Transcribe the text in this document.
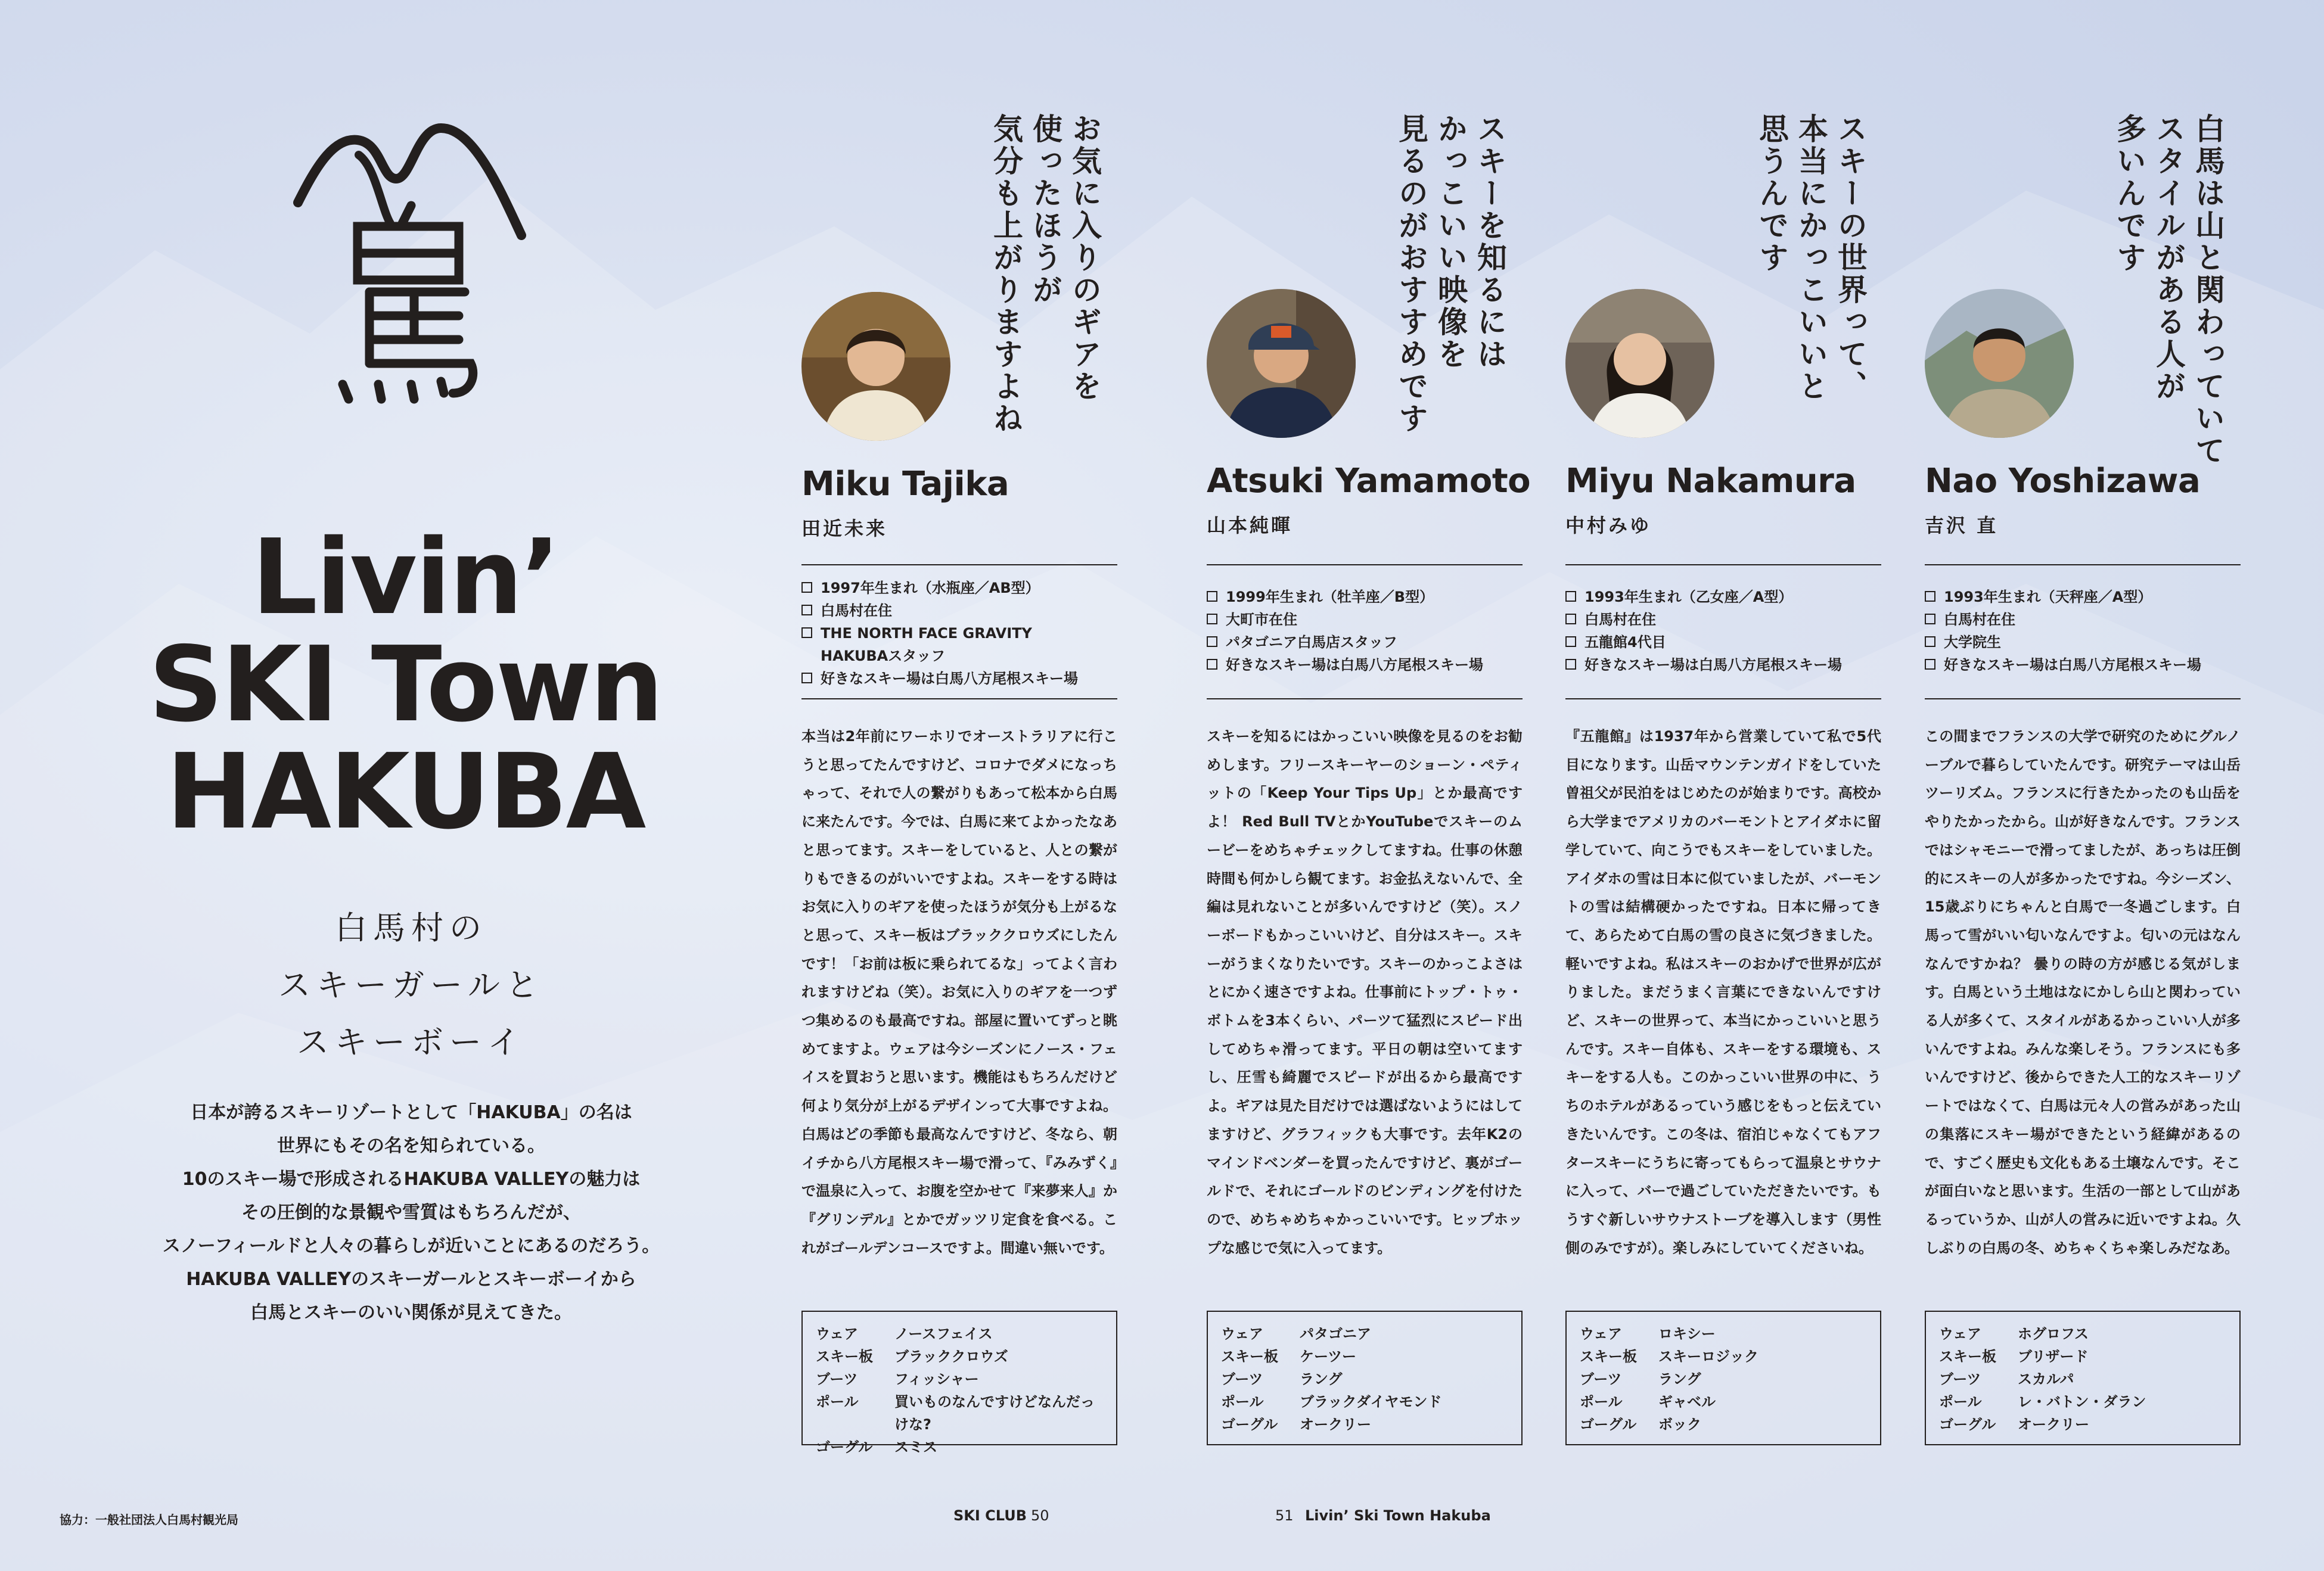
Livin’
SKI Town
HAKUBA
白馬村の
スキーガールと
スキーボーイ

日本が誇るスキーリゾートとして「HAKUBA」の名は

世界にもその名を知られている。

10のスキー場で形成されるHAKUBA VALLEYの魅力は

その圧倒的な景観や雪質はもちろんだが、

スノーフィールドと人々の暮らしが近いことにあるのだろう。

HAKUBA VALLEYのスキーガールとスキーボーイから

白馬とスキーのいい関係が見えてきた。

お気に入りのギアを
使ったほうが
気分も上がりますよね
Miku Tajika
田近未来
1997年生まれ（水瓶座／AB型）
白馬村在住
THE NORTH FACE GRAVITY HAKUBAスタッフ
好きなスキー場は白馬八方尾根スキー場
本当は2年前にワーホリでオーストラリアに行こうと思ってたんですけど、コロナでダメになっちゃって、それで人の繋がりもあって松本から白馬に来たんです。今では、白馬に来てよかったなあと思ってます。スキーをしていると、人との繋がりもできるのがいいですよね。スキーをする時はお気に入りのギアを使ったほうが気分も上がるなと思って、スキー板はブラッククロウズにしたんです！「お前は板に乗られてるな」ってよく言われますけどね（笑）。お気に入りのギアを一つずつ集めるのも最高ですね。部屋に置いてずっと眺めてますよ。ウェアは今シーズンにノース・フェイスを買おうと思います。機能はもちろんだけど何より気分が上がるデザインって大事ですよね。白馬はどの季節も最高なんですけど、冬なら、朝イチから八方尾根スキー場で滑って、『みみずく』で温泉に入って、お腹を空かせて『来夢来人』か『グリンデル』とかでガッツリ定食を食べる。これがゴールデンコースですよ。間違い無いです。
ウェア	ノースフェイス
スキー板	ブラッククロウズ
ブーツ	フィッシャー
ポール	買いものなんですけどなんだっけな?
ゴーグル	スミス
スキーを知るには
かっこいい映像を
見るのがおすすめです
Atsuki Yamamoto
山本純暉
1999年生まれ（牡羊座／B型）
大町市在住
パタゴニア白馬店スタッフ
好きなスキー場は白馬八方尾根スキー場
スキーを知るにはかっこいい映像を見るのをお勧めします。フリースキーヤーのショーン・ペティットの「Keep Your Tips Up」とか最高ですよ！ Red Bull TVとかYouTubeでスキーのムービーをめちゃチェックしてますね。仕事の休憩時間も何かしら観てます。お金払えないんで、全編は見れないことが多いんですけど（笑）。スノーボードもかっこいいけど、自分はスキー。スキーがうまくなりたいです。スキーのかっこよさはとにかく速さですよね。仕事前にトップ・トゥ・ボトムを3本くらい、パーツて猛烈にスピード出してめちゃ滑ってます。平日の朝は空いてますし、圧雪も綺麗でスピードが出るから最高ですよ。ギアは見た目だけでは選ばないようにはしてますけど、グラフィックも大事です。去年K2のマインドベンダーを買ったんですけど、裏がゴールドで、それにゴールドのビンディングを付けたので、めちゃめちゃかっこいいです。ヒップホップな感じで気に入ってます。
ウェア	パタゴニア
スキー板	ケーツー
ブーツ	ラング
ポール	ブラックダイヤモンド
ゴーグル	オークリー
スキーの世界って、
本当にかっこいいと
思うんです
Miyu Nakamura
中村みゆ
1993年生まれ（乙女座／A型）
白馬村在住
五龍館4代目
好きなスキー場は白馬八方尾根スキー場
『五龍館』は1937年から営業していて私で5代目になります。山岳マウンテンガイドをしていた曽祖父が民泊をはじめたのが始まりです。高校から大学までアメリカのバーモントとアイダホに留学していて、向こうでもスキーをしていました。アイダホの雪は日本に似ていましたが、バーモントの雪は結構硬かったですね。日本に帰ってきて、あらためて白馬の雪の良さに気づきました。軽いですよね。私はスキーのおかげで世界が広がりました。まだうまく言葉にできないんですけど、スキーの世界って、本当にかっこいいと思うんです。スキー自体も、スキーをする環境も、スキーをする人も。このかっこいい世界の中に、うちのホテルがあるっていう感じをもっと伝えていきたいんです。この冬は、宿泊じゃなくてもアフタースキーにうちに寄ってもらって温泉とサウナに入って、バーで過ごしていただきたいです。もうすぐ新しいサウナストーブを導入します（男性側のみですが）。楽しみにしていてくださいね。
ウェア	ロキシー
スキー板	スキーロジック
ブーツ	ラング
ポール	ギャベル
ゴーグル	ボック
白馬は山と関わっていて
スタイルがある人が
多いんです
Nao Yoshizawa
吉沢 直
1993年生まれ（天秤座／A型）
白馬村在住
大学院生
好きなスキー場は白馬八方尾根スキー場
この間までフランスの大学で研究のためにグルノーブルで暮らしていたんです。研究テーマは山岳ツーリズム。フランスに行きたかったのも山岳をやりたかったから。山が好きなんです。フランスではシャモニーで滑ってましたが、あっちは圧倒的にスキーの人が多かったですね。今シーズン、15歳ぶりにちゃんと白馬で一冬過ごします。白馬って雪がいい匂いなんですよ。匂いの元はなんなんですかね？ 曇りの時の方が感じる気がします。白馬という土地はなにかしら山と関わっている人が多くて、スタイルがあるかっこいい人が多いんですよね。みんな楽しそう。フランスにも多いんですけど、後からできた人工的なスキーリゾートではなくて、白馬は元々人の営みがあった山の集落にスキー場ができたという経緯があるので、すごく歴史も文化もある土壌なんです。そこが面白いなと思います。生活の一部として山があるっていうか、山が人の営みに近いですよね。久しぶりの白馬の冬、めちゃくちゃ楽しみだなあ。
ウェア	ホグロフス
スキー板	ブリザード
ブーツ	スカルパ
ポール	レ・バトン・ダラン
ゴーグル	オークリー
協力：一般社団法人白馬村観光局	SKI CLUB 50	51 Livin’ Ski Town Hakuba
